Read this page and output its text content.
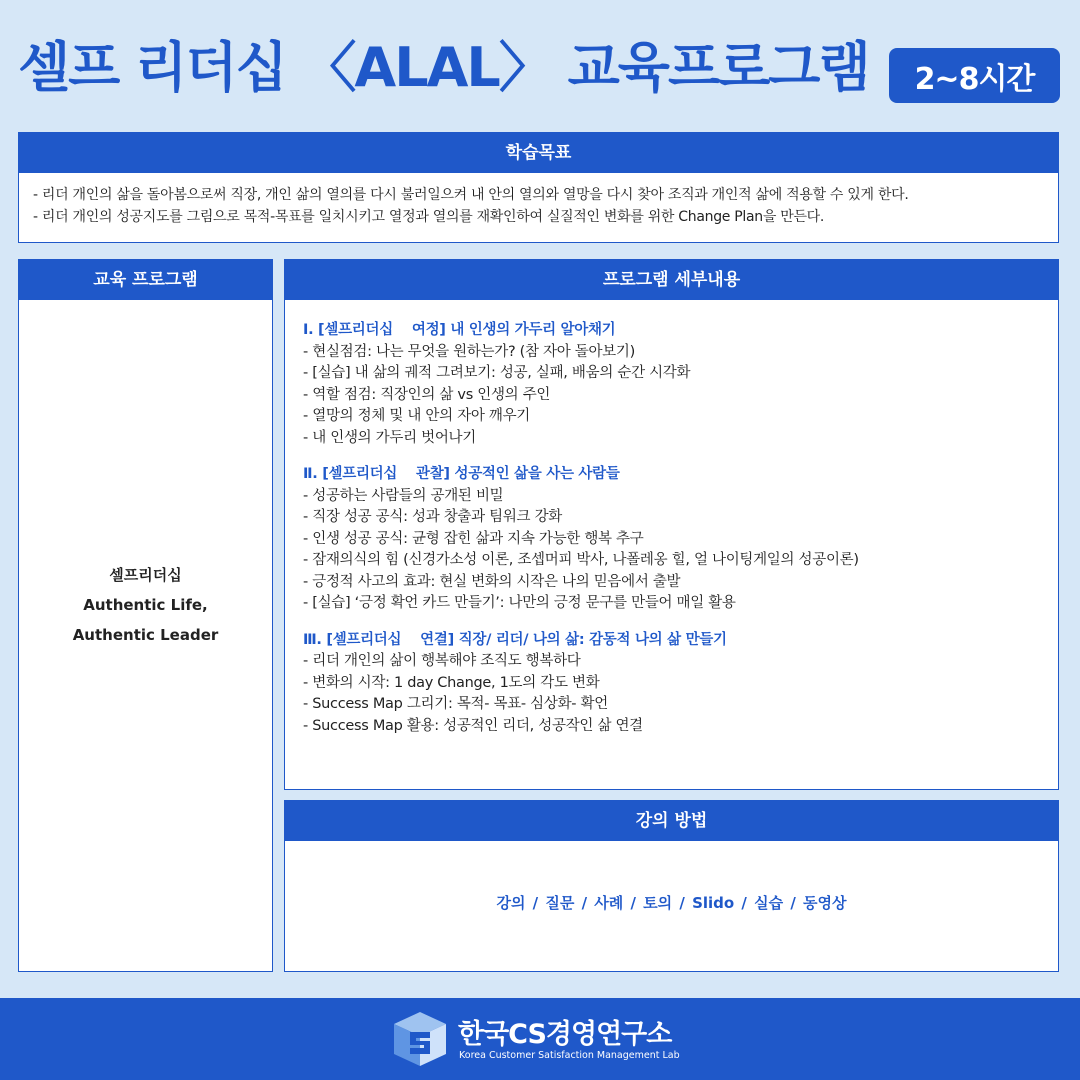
셀프 리더십 〈ALAL〉 교육프로그램	2~8시간
학습목표
- 리더 개인의 삶을 돌아봄으로써 직장, 개인 삶의 열의를 다시 불러일으켜 내 안의 열의와 열망을 다시 찾아 조직과 개인적 삶에 적용할 수 있게 한다.
- 리더 개인의 성공지도를 그림으로 목적-목표를 일치시키고 열정과 열의를 재확인하여 실질적인 변화를 위한 Change Plan을 만든다.
교육 프로그램
셀프리더십
Authentic Life,
Authentic Leader
프로그램 세부내용
Ⅰ. [셀프리더십 　여정] 내 인생의 가두리 알아채기
- 현실점검: 나는 무엇을 원하는가? (참 자아 돌아보기)
- [실습] 내 삶의 궤적 그려보기: 성공, 실패, 배움의 순간 시각화
- 역할 점검: 직장인의 삶 vs 인생의 주인
- 열망의 정체 및 내 안의 자아 깨우기
- 내 인생의 가두리 벗어나기
Ⅱ. [셀프리더십 　관찰] 성공적인 삶을 사는 사람들
- 성공하는 사람들의 공개된 비밀
- 직장 성공 공식: 성과 창출과 팀워크 강화
- 인생 성공 공식: 균형 잡힌 삶과 지속 가능한 행복 추구
- 잠재의식의 힘 (신경가소성 이론, 조셉머피 박사, 나폴레옹 힐, 얼 나이팅게일의 성공이론)
- 긍정적 사고의 효과: 현실 변화의 시작은 나의 믿음에서 출발
- [실습] ‘긍정 확언 카드 만들기’: 나만의 긍정 문구를 만들어 매일 활용
Ⅲ. [셀프리더십 　연결] 직장/ 리더/ 나의 삶: 감동적 나의 삶 만들기
- 리더 개인의 삶이 행복해야 조직도 행복하다
- 변화의 시작: 1 day Change, 1도의 각도 변화
- Success Map 그리기: 목적- 목표- 심상화- 확언
- Success Map 활용: 성공적인 리더, 성공작인 삶 연결
강의 방법
강의 / 질문 / 사례 / 토의 / Slido / 실습 / 동영상
한국CS경영연구소
Korea Customer Satisfaction Management Lab
